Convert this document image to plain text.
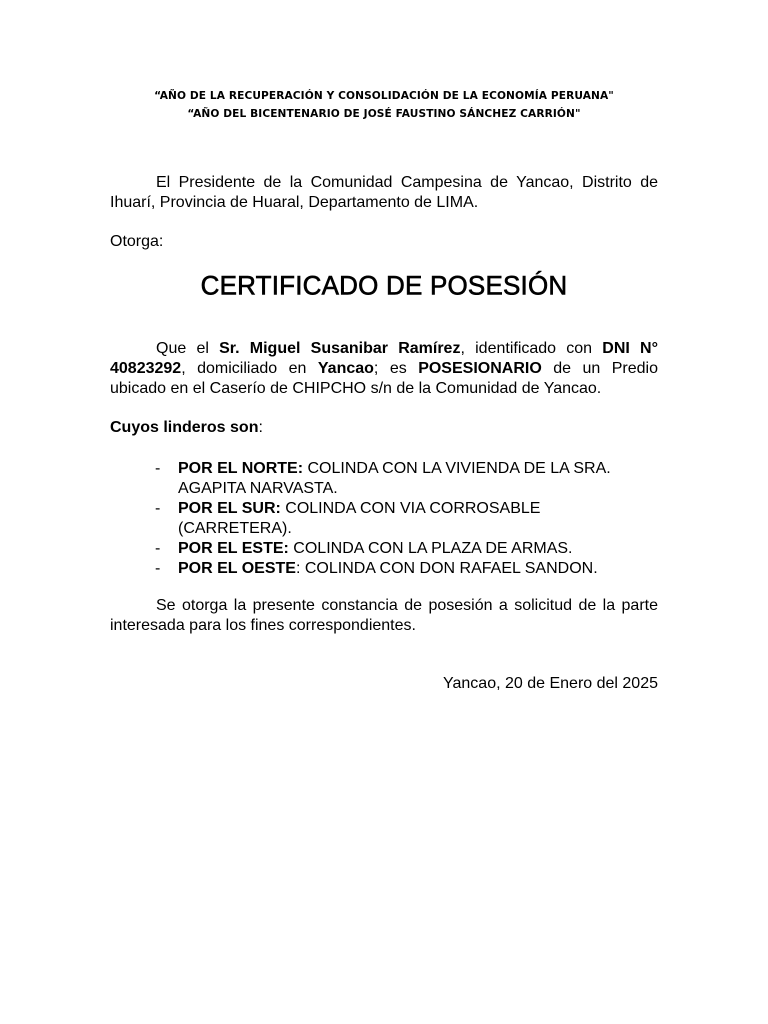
“AÑO DE LA RECUPERACIÓN Y CONSOLIDACIÓN DE LA ECONOMÍA PERUANA"
“AÑO DEL BICENTENARIO DE JOSÉ FAUSTINO SÁNCHEZ CARRIÓN"
El Presidente de la Comunidad Campesina de Yancao, Distrito de Ihuarí, Provincia de Huaral, Departamento de LIMA.
Otorga:
CERTIFICADO DE POSESIÓN
Que el Sr. Miguel Susanibar Ramírez, identificado con DNI N° 40823292, domiciliado en Yancao; es POSESIONARIO de un Predio ubicado en el Caserío de CHIPCHO s/n de la Comunidad de Yancao.
Cuyos linderos son:
- POR EL NORTE: COLINDA CON LA VIVIENDA DE LA SRA. AGAPITA NARVASTA.
- POR EL SUR: COLINDA CON VIA CORROSABLE (CARRETERA).
- POR EL ESTE: COLINDA CON LA PLAZA DE ARMAS.
- POR EL OESTE: COLINDA CON DON RAFAEL SANDON.
Se otorga la presente constancia de posesión a solicitud de la parte interesada para los fines correspondientes.
Yancao, 20 de Enero del 2025
